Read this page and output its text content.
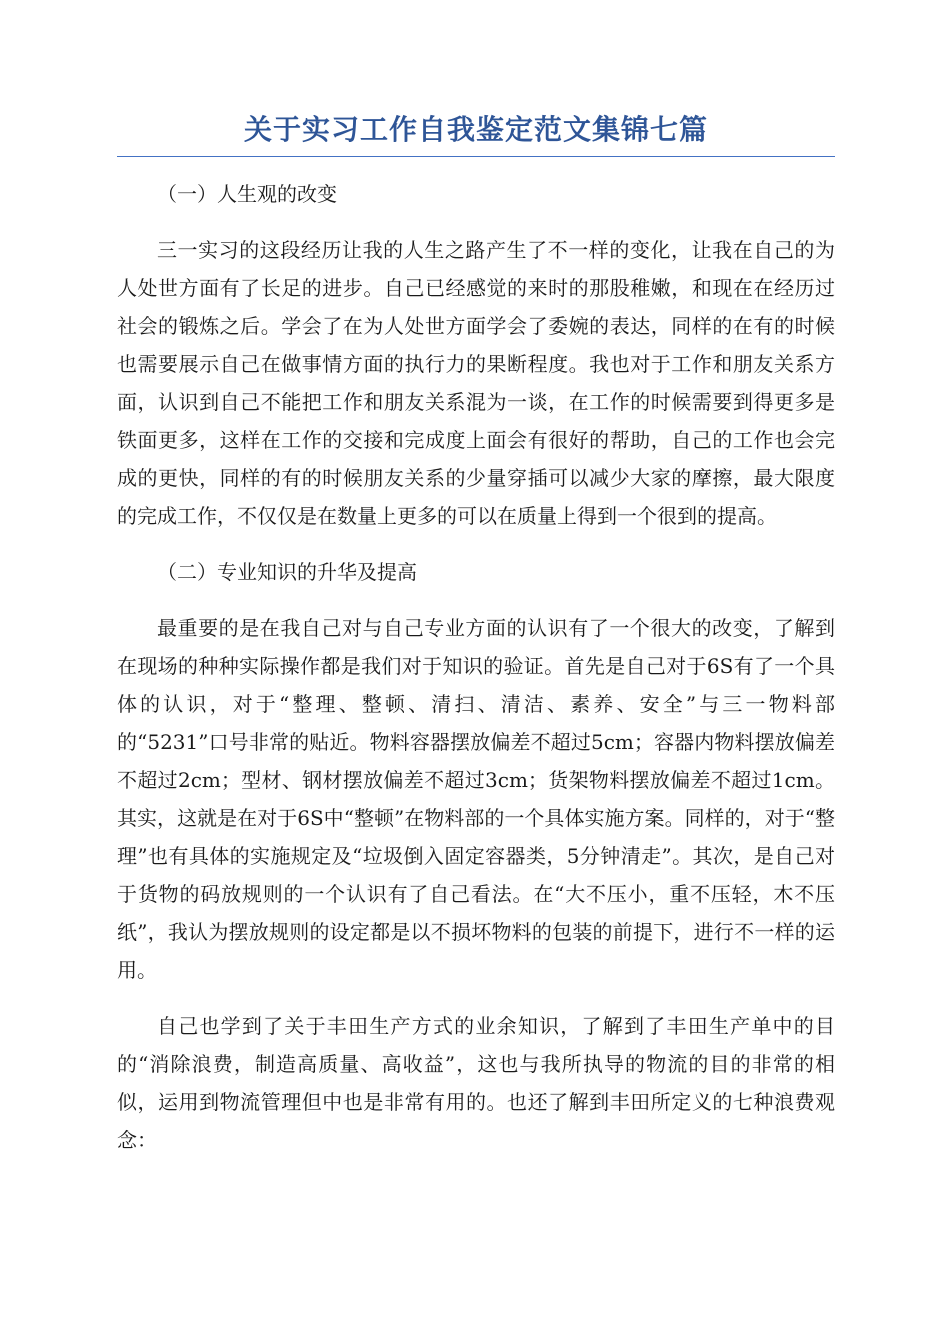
关于实习工作自我鉴定范文集锦七篇

（一）人生观的改变

三一实习的这段经历让我的人生之路产生了不一样的变化，让我在自己的为人处世方面有了长足的进步。自己已经感觉的来时的那股稚嫩，和现在在经历过社会的锻炼之后。学会了在为人处世方面学会了委婉的表达，同样的在有的时候也需要展示自己在做事情方面的执行力的果断程度。我也对于工作和朋友关系方面，认识到自己不能把工作和朋友关系混为一谈，在工作的时候需要到得更多是铁面更多，这样在工作的交接和完成度上面会有很好的帮助，自己的工作也会完成的更快，同样的有的时候朋友关系的少量穿插可以减少大家的摩擦，最大限度的完成工作，不仅仅是在数量上更多的可以在质量上得到一个很到的提高。

（二）专业知识的升华及提高

最重要的是在我自己对与自己专业方面的认识有了一个很大的改变，了解到在现场的种种实际操作都是我们对于知识的验证。首先是自己对于6S有了一个具体的认识，对于“整理、整顿、清扫、清洁、素养、安全”与三一物料部的“5231”口号非常的贴近。物料容器摆放偏差不超过5cm；容器内物料摆放偏差不超过2cm；型材、钢材摆放偏差不超过3cm；货架物料摆放偏差不超过1cm。其实，这就是在对于6S中“整顿”在物料部的一个具体实施方案。同样的，对于“整理”也有具体的实施规定及“垃圾倒入固定容器类，5分钟清走”。其次，是自己对于货物的码放规则的一个认识有了自己看法。在“大不压小，重不压轻，木不压纸”，我认为摆放规则的设定都是以不损坏物料的包装的前提下，进行不一样的运用。

自己也学到了关于丰田生产方式的业余知识，了解到了丰田生产单中的目的“消除浪费，制造高质量、高收益”，这也与我所执导的物流的目的非常的相似，运用到物流管理但中也是非常有用的。也还了解到丰田所定义的七种浪费观念：
